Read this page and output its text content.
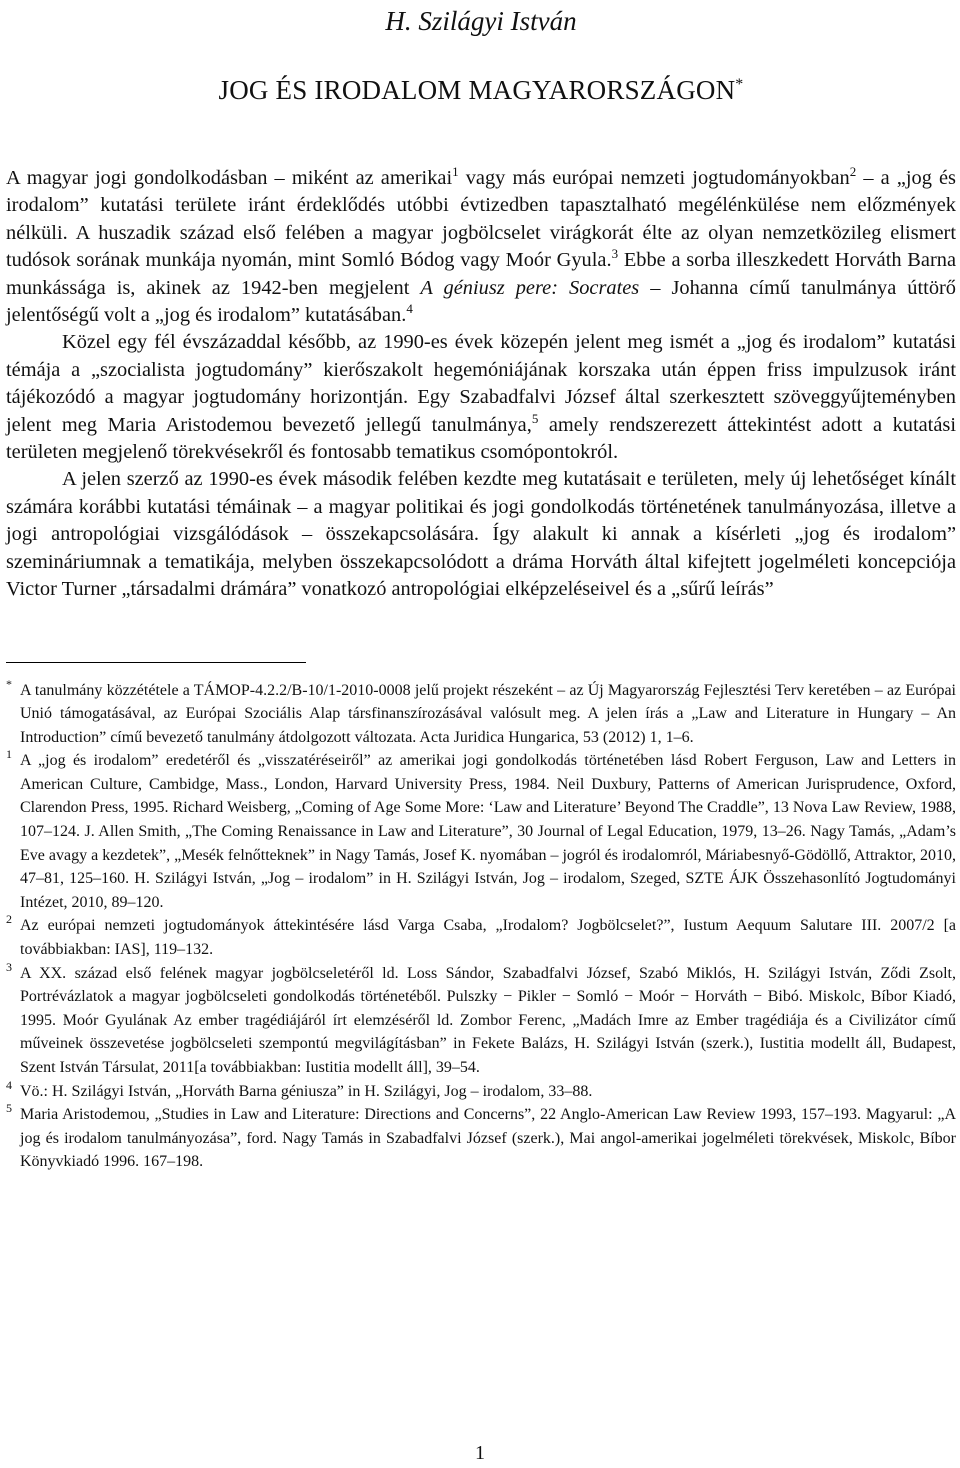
H. Szilágyi István
JOG ÉS IRODALOM MAGYARORSZÁGON*

A magyar jogi gondolkodásban – miként az amerikai$^1$ vagy más európai nemzeti jogtudományokban$^2$ – a „jog és irodalom” kutatási területe iránt érdeklődés utóbbi évtizedben tapasztalható megélénkülése nem előzmények nélküli. A huszadik század első felében a magyar jogbölcselet virágkorát élte az olyan nemzetközileg elismert tudósok sorának munkája nyomán, mint Somló Bódog vagy Moór Gyula.$^3$ Ebbe a sorba illeszkedett Horváth Barna munkássága is, akinek az 1942-ben megjelent A géniusz pere: Socrates – Johanna című tanulmánya úttörő jelentőségű volt a „jog és irodalom” kutatásában.$^4$

Közel egy fél évszázaddal később, az 1990-es évek közepén jelent meg ismét a „jog és irodalom” kutatási témája a „szocialista jogtudomány” kierőszakolt hegemóniájának korszaka után éppen friss impulzusok iránt tájékozódó a magyar jogtudomány horizontján. Egy Szabadfalvi József által szerkesztett szöveggyűjteményben jelent meg Maria Aristodemou bevezető jellegű tanulmánya,$^5$ amely rendszerezett áttekintést adott a kutatási területen megjelenő törekvésekről és fontosabb tematikus csomópontokról.

A jelen szerző az 1990-es évek második felében kezdte meg kutatásait e területen, mely új lehetőséget kínált számára korábbi kutatási témáinak – a magyar politikai és jogi gondolkodás történetének tanulmányozása, illetve a jogi antropológiai vizsgálódások – összekapcsolására. Így alakult ki annak a kísérleti „jog és irodalom” szemináriumnak a tematikája, melyben összekapcsolódott a dráma Horváth által kifejtett jogelméleti koncepciója Victor Turner „társadalmi drámára” vonatkozó antropológiai elképzeléseivel és a „sűrű leírás”

* A tanulmány közzététele a TÁMOP-4.2.2/B-10/1-2010-0008 jelű projekt részeként – az Új Magyarország Fejlesztési Terv keretében – az Európai Unió támogatásával, az Európai Szociális Alap társfinanszírozásával valósult meg. A jelen írás a „Law and Literature in Hungary – An Introduction” című bevezető tanulmány átdolgozott változata. Acta Juridica Hungarica, 53 (2012) 1, 1–6.
1 A „jog és irodalom” eredetéről és „visszatéréseiről” az amerikai jogi gondolkodás történetében lásd Robert Ferguson, Law and Letters in American Culture, Cambidge, Mass., London, Harvard University Press, 1984. Neil Duxbury, Patterns of American Jurisprudence, Oxford, Clarendon Press, 1995. Richard Weisberg, „Coming of Age Some More: ‘Law and Literature’ Beyond The Craddle”, 13 Nova Law Review, 1988, 107–124. J. Allen Smith, „The Coming Renaissance in Law and Literature”, 30 Journal of Legal Education, 1979, 13–26. Nagy Tamás, „Adam’s Eve avagy a kezdetek”, „Mesék felnőtteknek” in Nagy Tamás, Josef K. nyomában – jogról és irodalomról, Máriabesnyő-Gödöllő, Attraktor, 2010, 47–81, 125–160. H. Szilágyi István, „Jog – irodalom” in H. Szilágyi István, Jog – irodalom, Szeged, SZTE ÁJK Összehasonlító Jogtudományi Intézet, 2010, 89–120.
2 Az európai nemzeti jogtudományok áttekintésére lásd Varga Csaba, „Irodalom? Jogbölcselet?”, Iustum Aequum Salutare III. 2007/2 [a továbbiakban: IAS], 119–132.
3 A XX. század első felének magyar jogbölcseletéről ld. Loss Sándor, Szabadfalvi József, Szabó Miklós, H. Szilágyi István, Ződi Zsolt, Portrévázlatok a magyar jogbölcseleti gondolkodás történetéből. Pulszky − Pikler − Somló − Moór − Horváth − Bibó. Miskolc, Bíbor Kiadó, 1995. Moór Gyulának Az ember tragédiájáról írt elemzéséről ld. Zombor Ferenc, „Madách Imre az Ember tragédiája és a Civilizátor című műveinek összevetése jogbölcseleti szempontú megvilágításban” in Fekete Balázs, H. Szilágyi István (szerk.), Iustitia modellt áll, Budapest, Szent István Társulat, 2011[a továbbiakban: Iustitia modellt áll], 39–54.
4 Vö.: H. Szilágyi István, „Horváth Barna géniusza” in H. Szilágyi, Jog – irodalom, 33–88.
5 Maria Aristodemou, „Studies in Law and Literature: Directions and Concerns”, 22 Anglo-American Law Review 1993, 157–193. Magyarul: „A jog és irodalom tanulmányozása”, ford. Nagy Tamás in Szabadfalvi József (szerk.), Mai angol-amerikai jogelméleti törekvések, Miskolc, Bíbor Könyvkiadó 1996. 167–198.
1
